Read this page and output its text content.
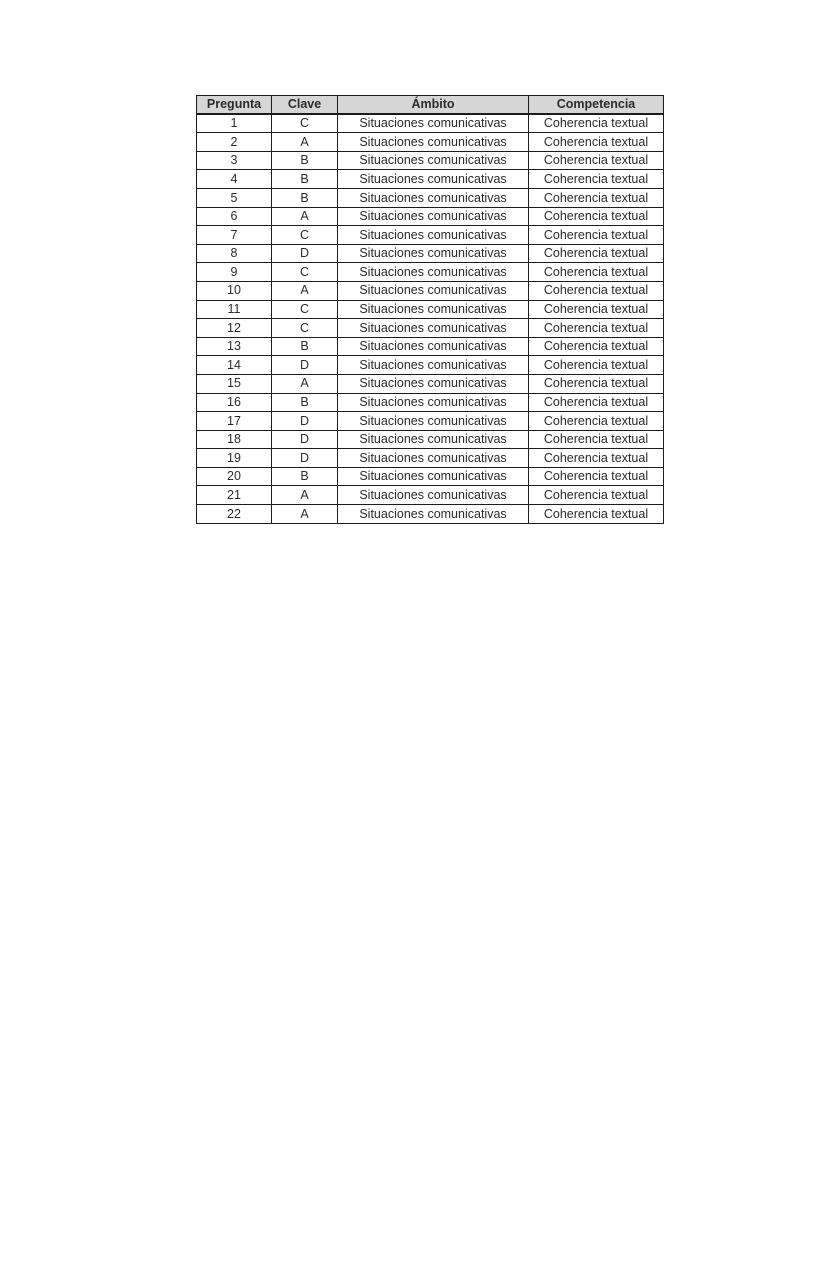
Pregunta	Clave	Ámbito	Competencia
1	C	Situaciones comunicativas	Coherencia textual
2	A	Situaciones comunicativas	Coherencia textual
3	B	Situaciones comunicativas	Coherencia textual
4	B	Situaciones comunicativas	Coherencia textual
5	B	Situaciones comunicativas	Coherencia textual
6	A	Situaciones comunicativas	Coherencia textual
7	C	Situaciones comunicativas	Coherencia textual
8	D	Situaciones comunicativas	Coherencia textual
9	C	Situaciones comunicativas	Coherencia textual
10	A	Situaciones comunicativas	Coherencia textual
11	C	Situaciones comunicativas	Coherencia textual
12	C	Situaciones comunicativas	Coherencia textual
13	B	Situaciones comunicativas	Coherencia textual
14	D	Situaciones comunicativas	Coherencia textual
15	A	Situaciones comunicativas	Coherencia textual
16	B	Situaciones comunicativas	Coherencia textual
17	D	Situaciones comunicativas	Coherencia textual
18	D	Situaciones comunicativas	Coherencia textual
19	D	Situaciones comunicativas	Coherencia textual
20	B	Situaciones comunicativas	Coherencia textual
21	A	Situaciones comunicativas	Coherencia textual
22	A	Situaciones comunicativas	Coherencia textual
